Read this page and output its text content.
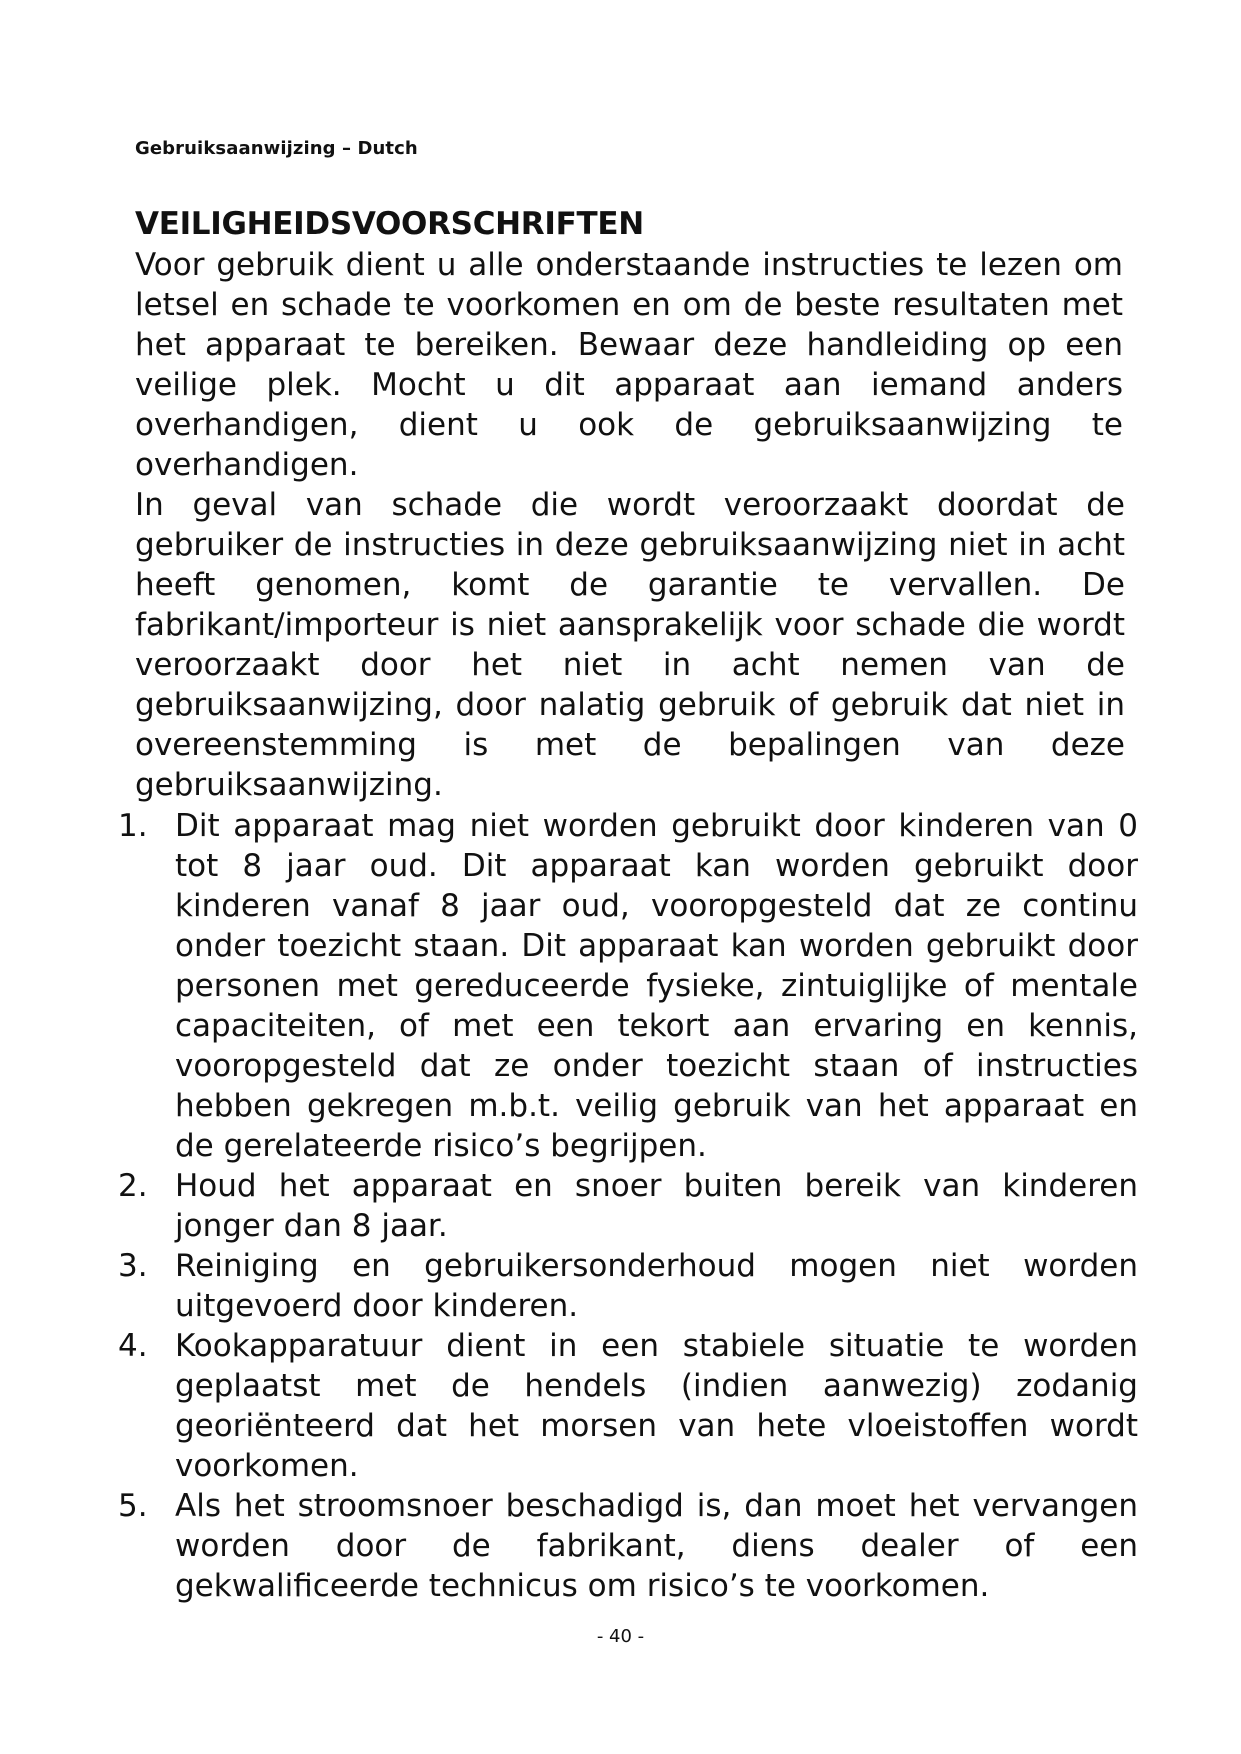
Gebruiksaanwijzing – Dutch
VEILIGHEIDSVOORSCHRIFTEN

Voor gebruik dient u alle onderstaande instructies te lezen om letsel en schade te voorkomen en om de beste resultaten met het apparaat te bereiken. Bewaar deze handleiding op een veilige plek. Mocht u dit apparaat aan iemand anders overhandigen, dient u ook de gebruiksaanwijzing te overhandigen.

In geval van schade die wordt veroorzaakt doordat de gebruiker de instructies in deze gebruiksaanwijzing niet in acht heeft genomen, komt de garantie te vervallen. De fabrikant/importeur is niet aansprakelijk voor schade die wordt veroorzaakt door het niet in acht nemen van de gebruiksaanwijzing, door nalatig gebruik of gebruik dat niet in overeenstemming is met de bepalingen van deze gebruiksaanwijzing.

1. Dit apparaat mag niet worden gebruikt door kinderen van 0 tot 8 jaar oud. Dit apparaat kan worden gebruikt door kinderen vanaf 8 jaar oud, vooropgesteld dat ze continu onder toezicht staan. Dit apparaat kan worden gebruikt door personen met gereduceerde fysieke, zintuiglijke of mentale capaciteiten, of met een tekort aan ervaring en kennis, vooropgesteld dat ze onder toezicht staan of instructies hebben gekregen m.b.t. veilig gebruik van het apparaat en de gerelateerde risico’s begrijpen.
2. Houd het apparaat en snoer buiten bereik van kinderen jonger dan 8 jaar.
3. Reiniging en gebruikersonderhoud mogen niet worden uitgevoerd door kinderen.
4. Kookapparatuur dient in een stabiele situatie te worden geplaatst met de hendels (indien aanwezig) zodanig georiënteerd dat het morsen van hete vloeistoffen wordt voorkomen.
5. Als het stroomsnoer beschadigd is, dan moet het vervangen worden door de fabrikant, diens dealer of een gekwalificeerde technicus om risico’s te voorkomen.
- 40 -
